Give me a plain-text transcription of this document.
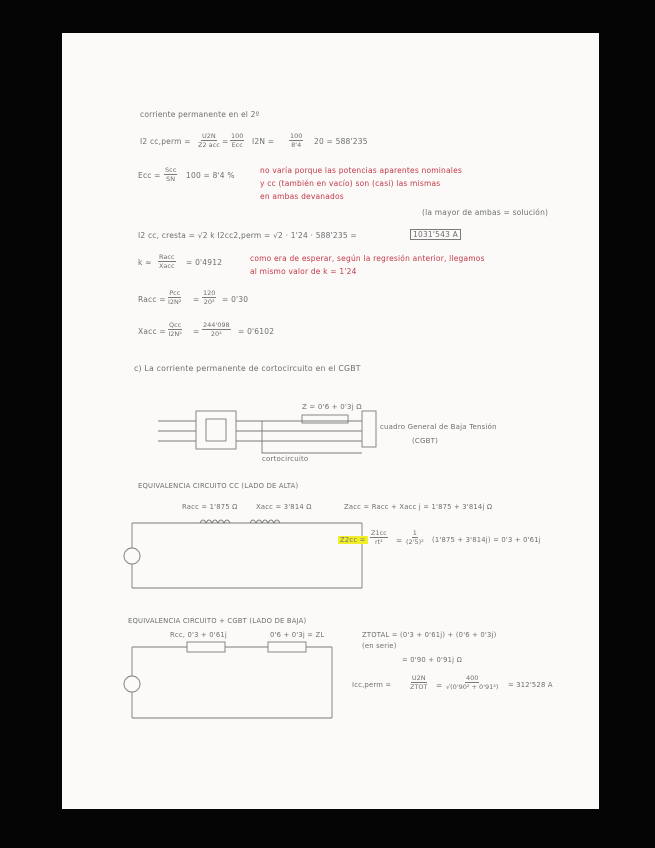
corriente permanente en el 2º
I2 cc,perm =
U2N
Z2 acc =
100
Ecc $I2N = \frac{100}{8'4} 20 = 588'235$
Ecc =
Scc
SN 100 = 8'4 %
no varía porque las potencias aparentes nominales
y cc (también en vacío) son (casi) las mismas
en ambas devanados
(la mayor de ambas = solución)
I2 cc, cresta = √2 k I2cc2,perm = √2 · 1'24 · 588'235 =	1031'543 A
k ≈
Racc
Xacc = 0'4912	como era de esperar, según la regresión anterior, llegamos
al mismo valor de k = 1'24
Racc =
Pcc
$I2N^2 = \frac{120}{\text{20²}} = 0'30$
Xacc =
Qcc
$I2N^2 = \frac{244'098}{\text{20²}} = 0'6102$
c) La corriente permanente de cortocircuito en el CGBT
Z = 0'6 + 0'3j Ω
cuadro General de Baja Tensión
(CGBT)
cortocircuito
EQUIVALENCIA CIRCUITO CC (LADO DE ALTA)
Racc = 1'875 Ω	Xacc = 3'814 Ω	Zacc = Racc + Xacc j = 1'875 + 3'814j Ω
$Z2cc = \frac{Z1cc}{\text{rt²}} = \frac{1}{\text{(2'5)²}} (1'875 + 3'814j) = 0'3 + 0'61j$
EQUIVALENCIA CIRCUITO + CGBT (LADO DE BAJA)
Rcc, 0'3 + 0'61j	0'6 + 0'3j = ZL	ZTOTAL = (0'3 + 0'61j) + (0'6 + 0'3j)
(en serie)
= 0'90 + 0'91j Ω
Icc,perm =
U2N
ZTOT = $\frac{400}{\text{√(0'90² + 0'91²)}} = 312'528$ A
